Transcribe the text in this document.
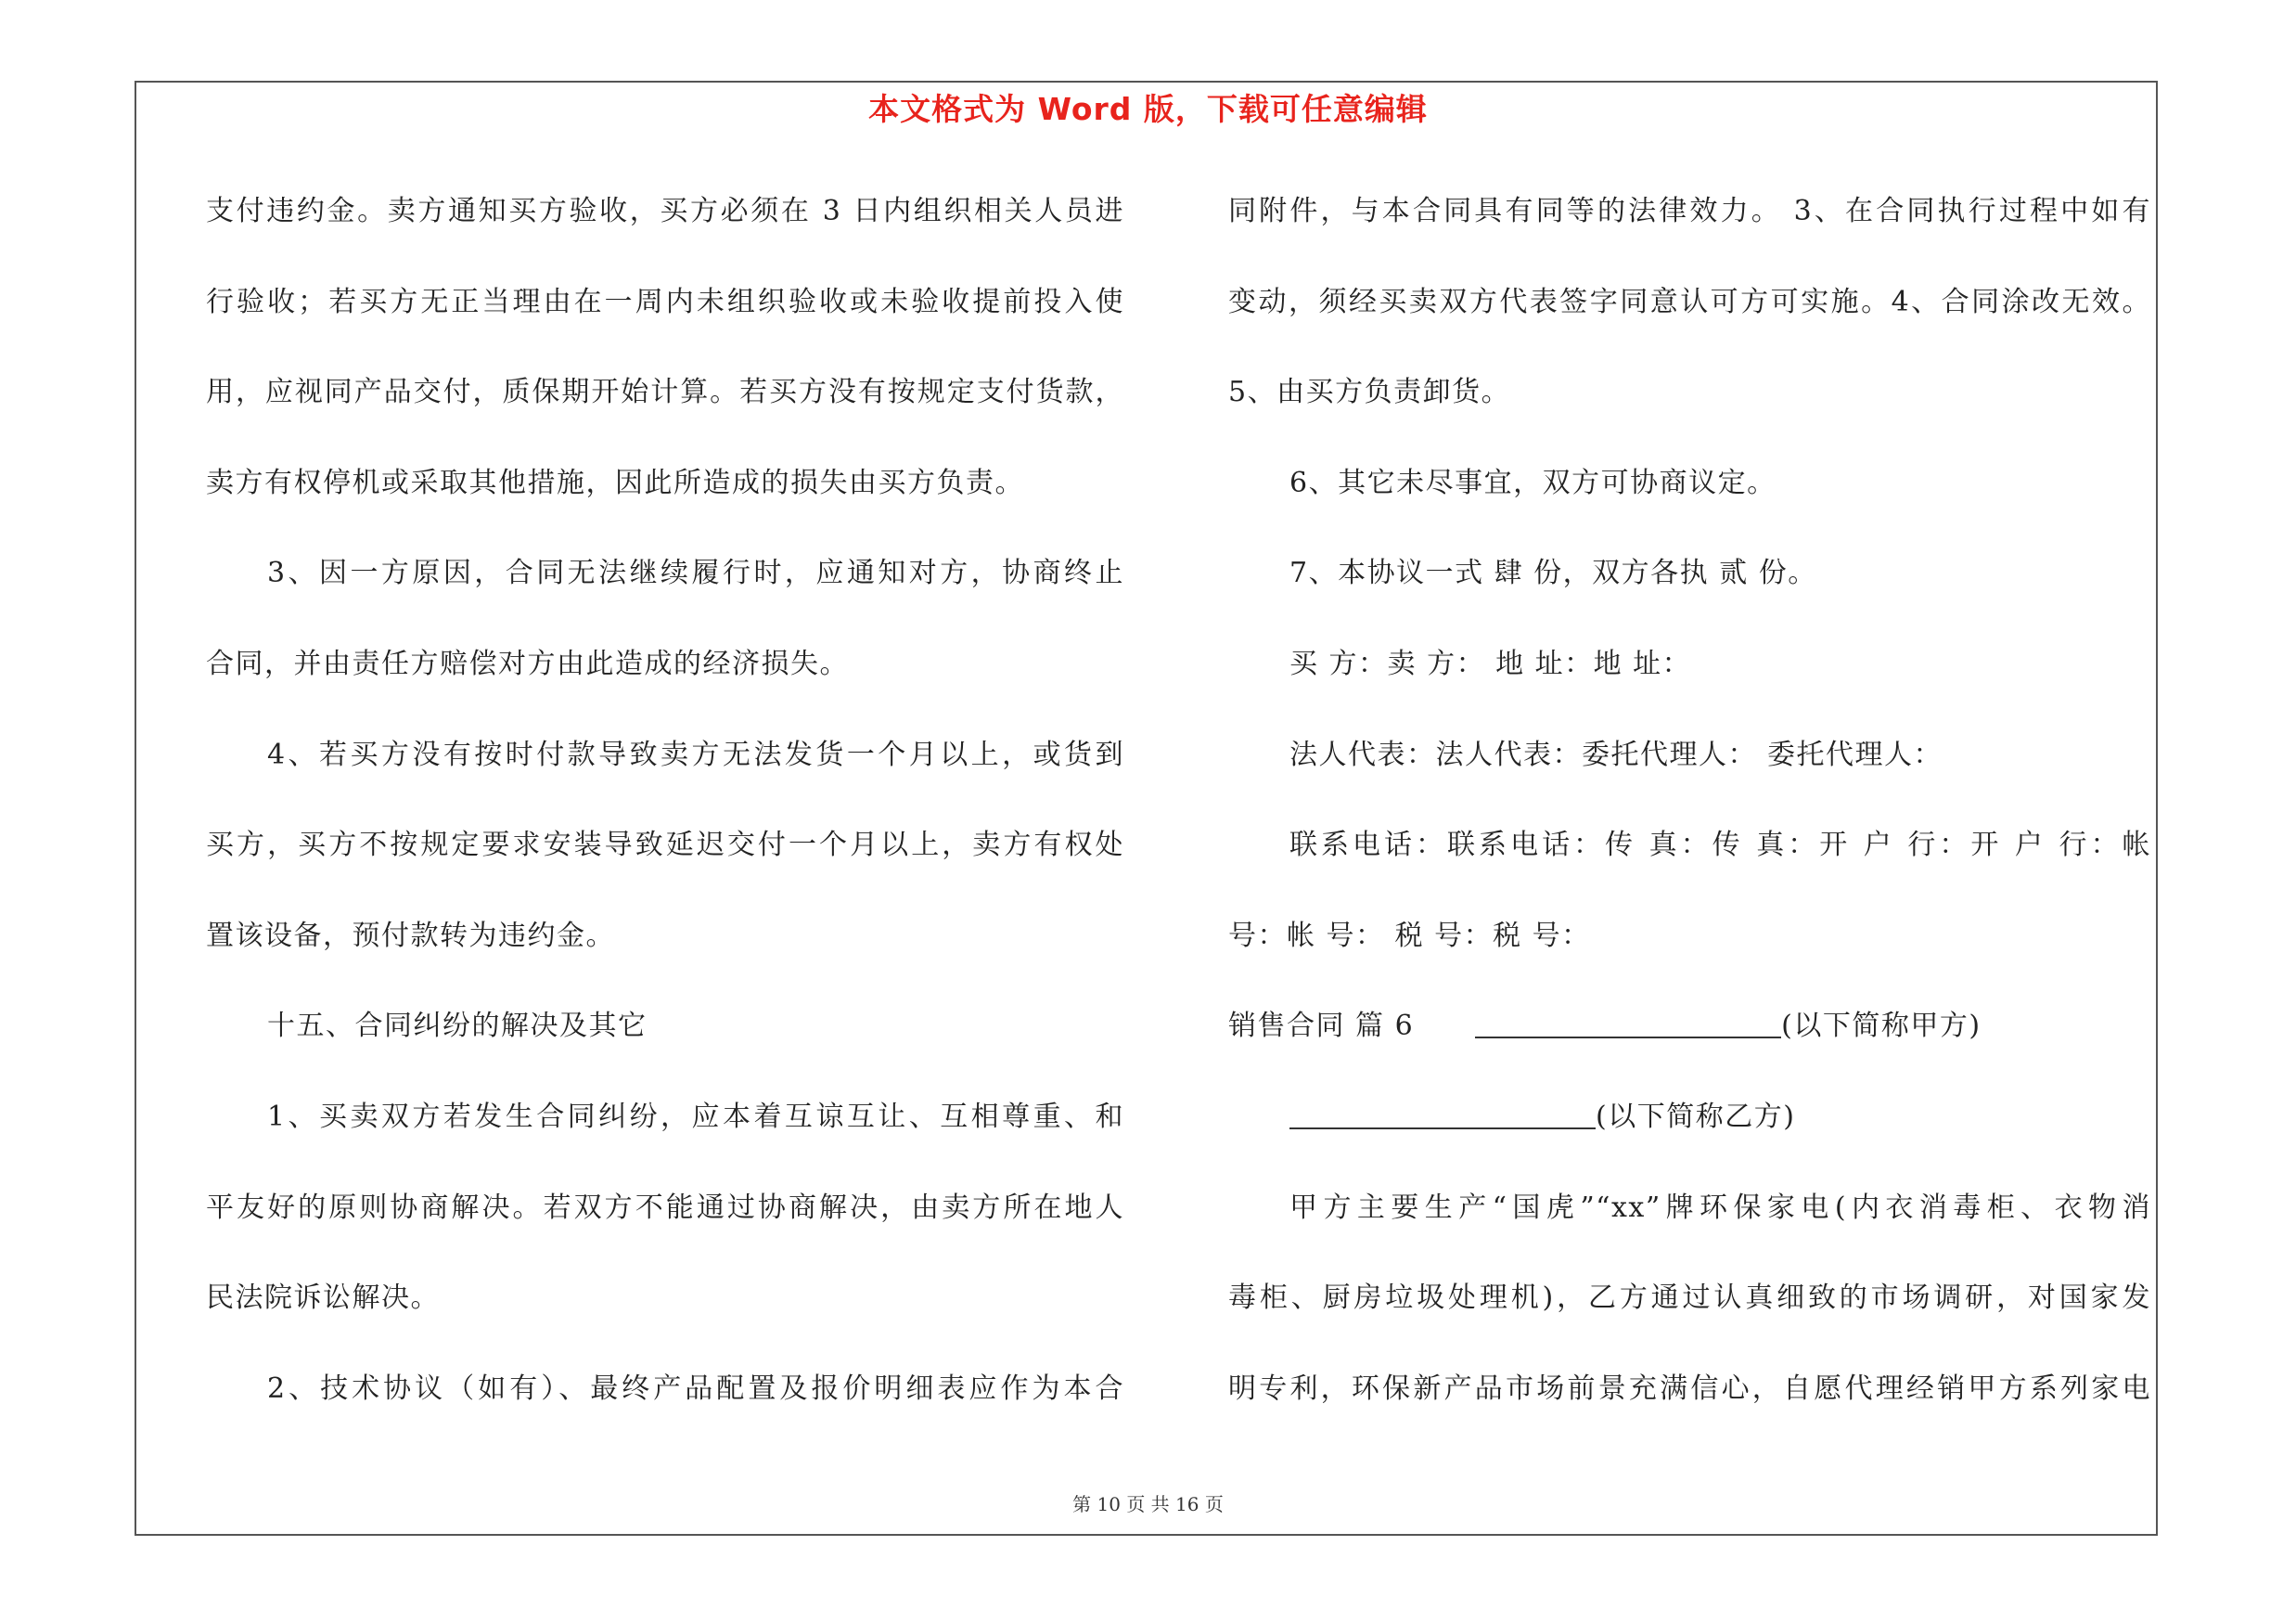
本文格式为 Word 版，下载可任意编辑
支付违约金。卖方通知买方验收，买方必须在 3 日内组织相关人员进
行验收；若买方无正当理由在一周内未组织验收或未验收提前投入使
用，应视同产品交付，质保期开始计算。若买方没有按规定支付货款，
卖方有权停机或采取其他措施，因此所造成的损失由买方负责。
3、因一方原因，合同无法继续履行时，应通知对方，协商终止
合同，并由责任方赔偿对方由此造成的经济损失。
4、若买方没有按时付款导致卖方无法发货一个月以上，或货到
买方，买方不按规定要求安装导致延迟交付一个月以上，卖方有权处
置该设备，预付款转为违约金。
十五、合同纠纷的解决及其它
1、买卖双方若发生合同纠纷，应本着互谅互让、互相尊重、和
平友好的原则协商解决。若双方不能通过协商解决，由卖方所在地人
民法院诉讼解决。
2、技术协议（如有）、最终产品配置及报价明细表应作为本合
同附件，与本合同具有同等的法律效力。 3、在合同执行过程中如有
变动，须经买卖双方代表签字同意认可方可实施。4、合同涂改无效。
5、由买方负责卸货。
6、其它未尽事宜，双方可协商议定。
7、本协议一式 肆 份，双方各执 贰 份。
买 方：卖 方： 地 址：地 址：
法人代表：法人代表：委托代理人： 委托代理人：
联系电话：联系电话：传 真：传 真：开 户 行：开 户 行：帐
号：帐 号： 税 号：税 号：
销售合同 篇 6	(以下简称甲方)
(以下简称乙方)
甲方主要生产“国虎”“xx”牌环保家电(内衣消毒柜、衣物消
毒柜、厨房垃圾处理机)，乙方通过认真细致的市场调研，对国家发
明专利，环保新产品市场前景充满信心，自愿代理经销甲方系列家电
第 10 页 共 16 页
